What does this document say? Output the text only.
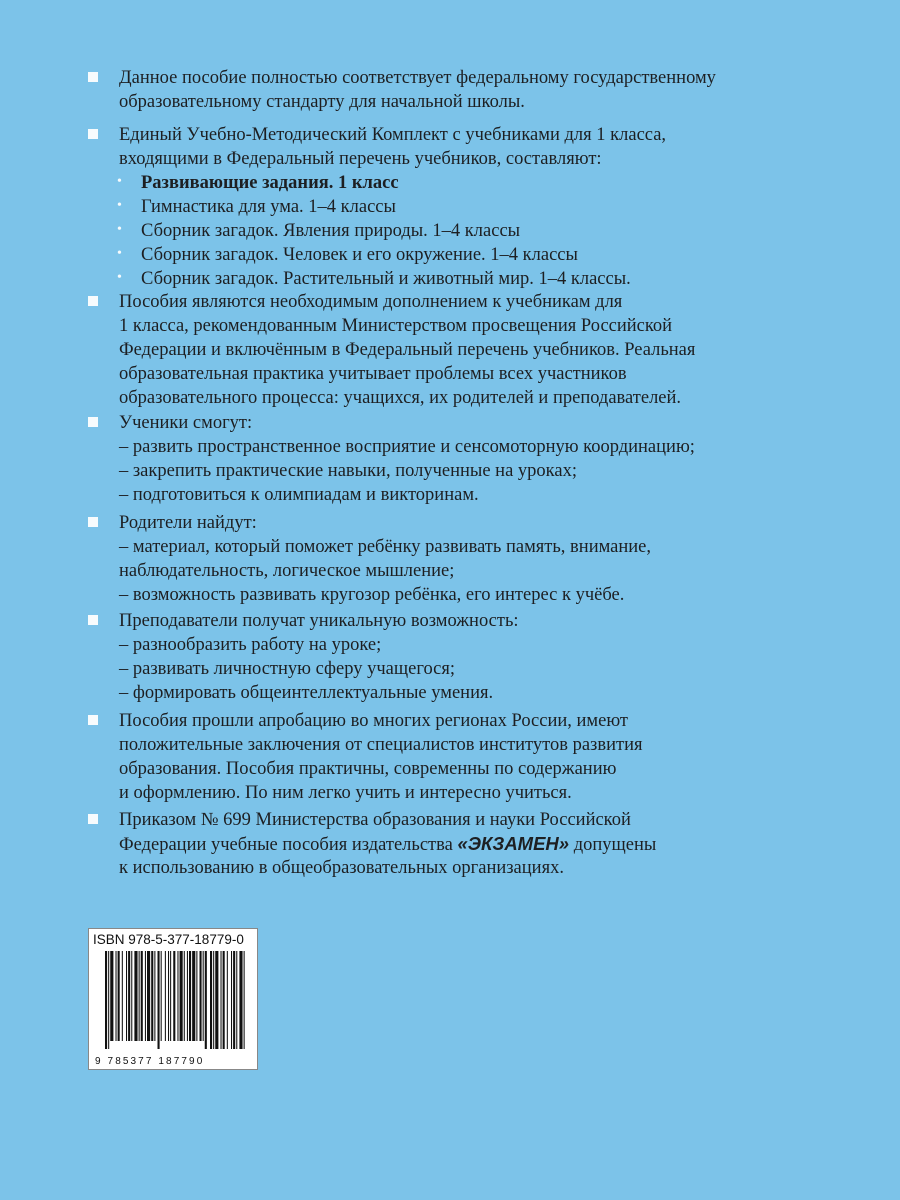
Данное пособие полностью соответствует федеральному государственному
образовательному стандарту для начальной школы.
Единый Учебно-Методический Комплект с учебниками для 1 класса,
входящими в Федеральный перечень учебников, составляют:
• Развивающие задания. 1 класс
• Гимнастика для ума. 1–4 классы
• Сборник загадок. Явления природы. 1–4 классы
• Сборник загадок. Человек и его окружение. 1–4 классы
• Сборник загадок. Растительный и животный мир. 1–4 классы.
Пособия являются необходимым дополнением к учебникам для
1 класса, рекомендованным Министерством просвещения Российской
Федерации и включённым в Федеральный перечень учебников. Реальная
образовательная практика учитывает проблемы всех участников
образовательного процесса: учащихся, их родителей и преподавателей.
Ученики смогут:
– развить пространственное восприятие и сенсомоторную координацию;
– закрепить практические навыки, полученные на уроках;
– подготовиться к олимпиадам и викторинам.
Родители найдут:
– материал, который поможет ребёнку развивать память, внимание,
наблюдательность, логическое мышление;
– возможность развивать кругозор ребёнка, его интерес к учёбе.
Преподаватели получат уникальную возможность:
– разнообразить работу на уроке;
– развивать личностную сферу учащегося;
– формировать общеинтеллектуальные умения.
Пособия прошли апробацию во многих регионах России, имеют
положительные заключения от специалистов институтов развития
образования. Пособия практичны, современны по содержанию
и оформлению. По ним легко учить и интересно учиться.
Приказом № 699 Министерства образования и науки Российской
Федерации учебные пособия издательства «ЭКЗАМЕН» допущены
к использованию в общеобразовательных организациях.
ISBN 978-5-377-18779-0
9 785377 187790
